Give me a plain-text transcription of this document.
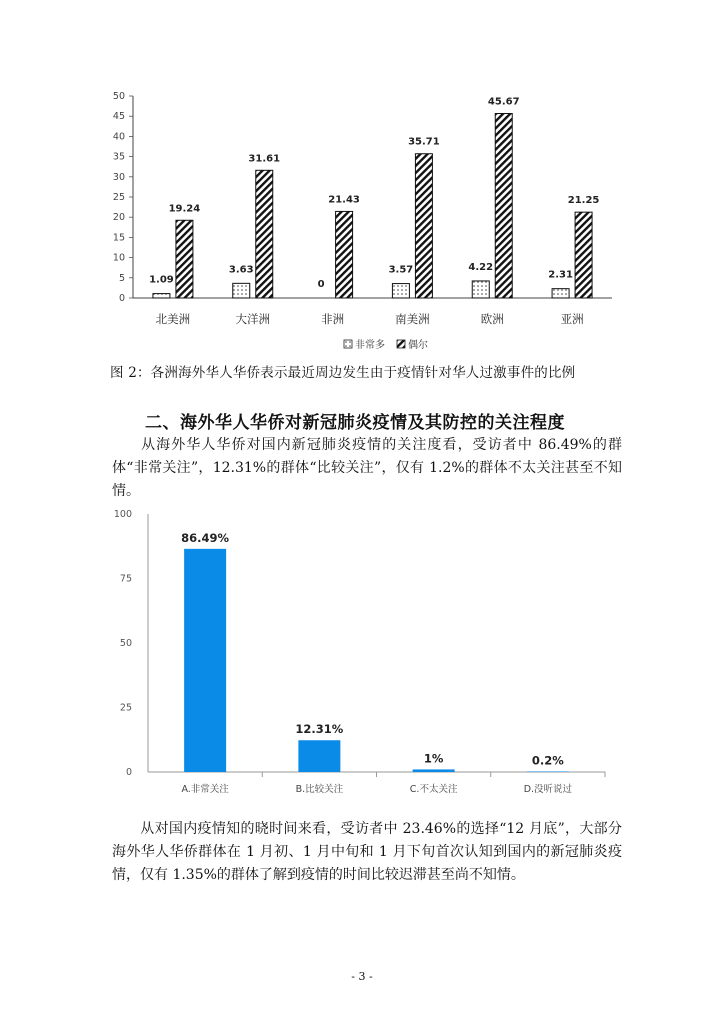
0
5
10
15
20
25
30
35
40
45
50
北美洲	大洋洲	非洲	南美洲	欧洲	亚洲
1.09
19.24
3.63
31.61
0
21.43
3.57
35.71
4.22
45.67
2.31
21.25
非常多 偶尔
图 2：各洲海外华人华侨表示最近周边发生由于疫情针对华人过激事件的比例
二、海外华人华侨对新冠肺炎疫情及其防控的关注程度
从海外华人华侨对国内新冠肺炎疫情的关注度看，受访者中 86.49%的群体“非常关注”，12.31%的群体“比较关注”，仅有 1.2%的群体不太关注甚至不知情。
0
25
50
75
100
A.非常关注	B.比较关注	C.不太关注	D.没听说过
86.49%
12.31%
1%	0.2%
从对国内疫情知的晓时间来看，受访者中 23.46%的选择“12 月底”，大部分海外华人华侨群体在 1 月初、1 月中旬和 1 月下旬首次认知到国内的新冠肺炎疫情，仅有 1.35%的群体了解到疫情的时间比较迟滞甚至尚不知情。
- 3 -
